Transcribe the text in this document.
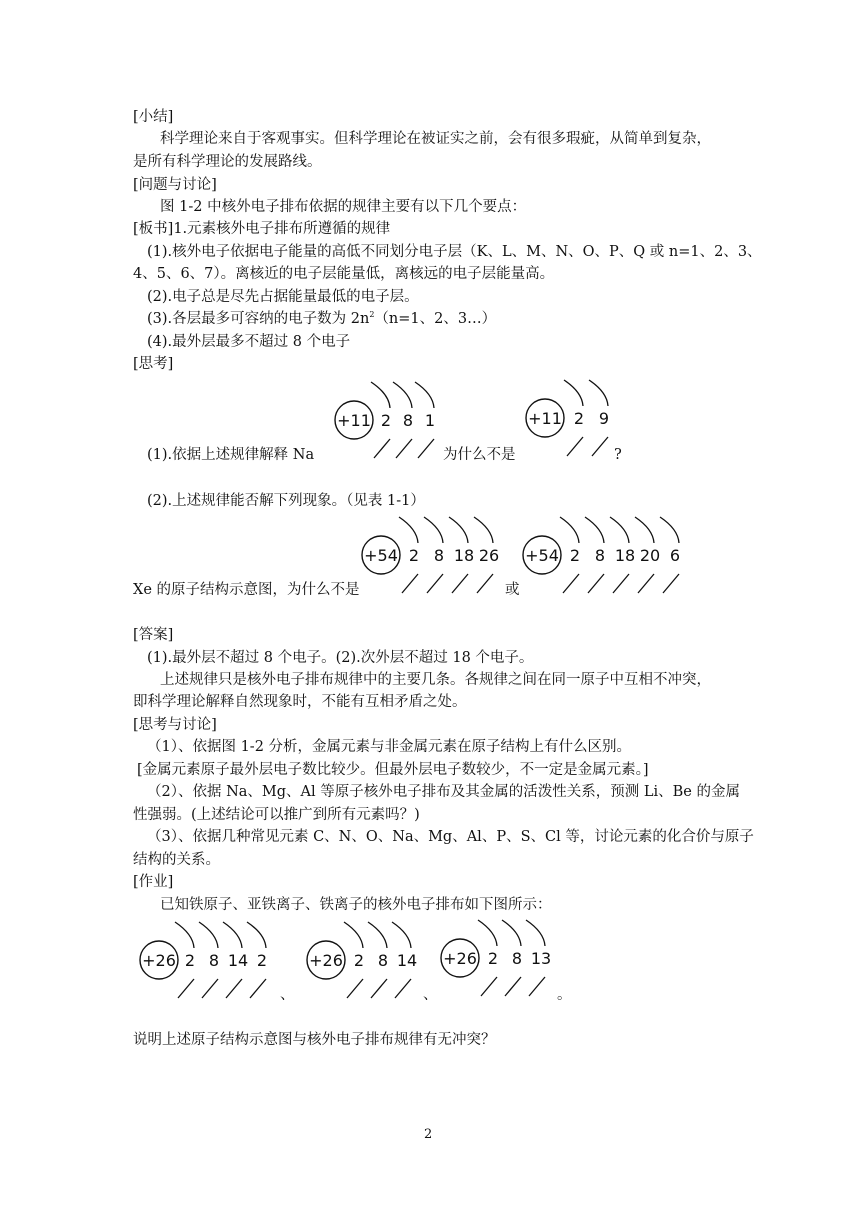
[小结]
科学理论来自于客观事实。但科学理论在被证实之前，会有很多瑕疵，从简单到复杂，
是所有科学理论的发展路线。
[问题与讨论]
图 1-2 中核外电子排布依据的规律主要有以下几个要点：
[板书]1.元素核外电子排布所遵循的规律
(1).核外电子依据电子能量的高低不同划分电子层（K、L、M、N、O、P、Q 或 n=1、2、3、
4、5、6、7）。离核近的电子层能量低，离核远的电子层能量高。
(2).电子总是尽先占据能量最低的电子层。
(3).各层最多可容纳的电子数为 $2n^2(n=1$、2、3…）
(4).最外层最多不超过 8 个电子
[思考]
(1).依据上述规律解释 Na	为什么不是	?
(2).上述规律能否解下列现象。（见表 1-1）
Xe 的原子结构示意图，为什么不是	或
[答案]
(1).最外层不超过 8 个电子。(2).次外层不超过 18 个电子。
上述规律只是核外电子排布规律中的主要几条。各规律之间在同一原子中互相不冲突，
即科学理论解释自然现象时，不能有互相矛盾之处。
[思考与讨论]
（1）、依据图 1-2 分析，金属元素与非金属元素在原子结构上有什么区别。
[金属元素原子最外层电子数比较少。但最外层电子数较少，不一定是金属元素。]
（2）、依据 Na、Mg、Al 等原子核外电子排布及其金属的活泼性关系，预测 Li、Be 的金属
性强弱。(上述结论可以推广到所有元素吗？)
（3）、依据几种常见元素 C、N、O、Na、Mg、Al、P、S、Cl 等，讨论元素的化合价与原子
结构的关系。
[作业]
已知铁原子、亚铁离子、铁离子的核外电子排布如下图所示：
、	、	。
说明上述原子结构示意图与核外电子排布规律有无冲突？
2
+11 2 8 1	+11 2 9
+54 2 8 18 26 +54 2 8 18 20 6
+26 2 8 14 2	+26 2 8 14 +26 2 8 13
